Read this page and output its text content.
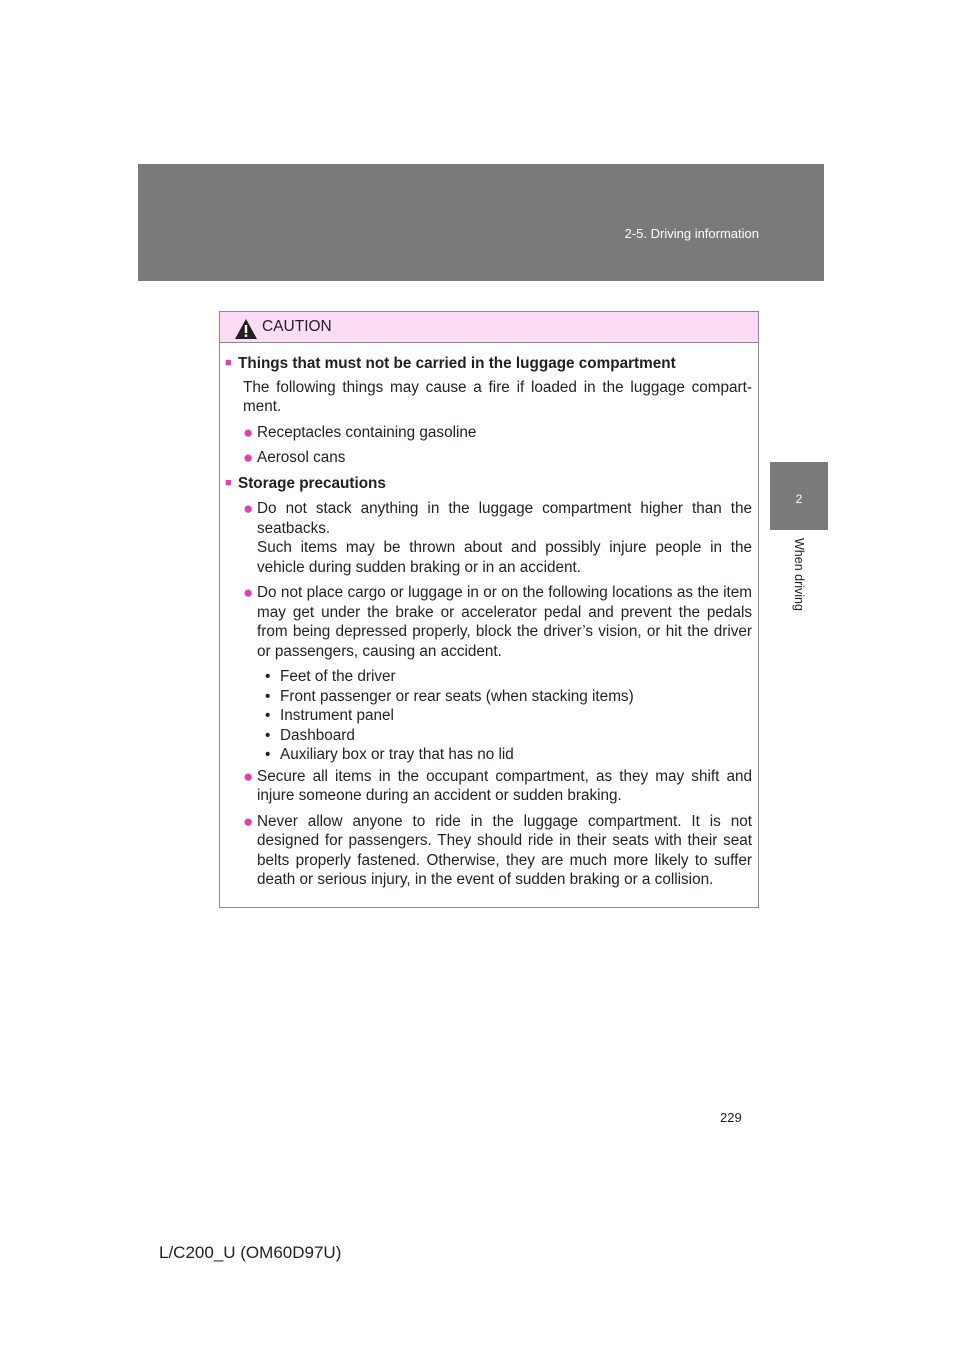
2-5. Driving information
2
When driving
CAUTION
■ Things that must not be carried in the luggage compartment
The following things may cause a fire if loaded in the luggage compart-ment.
● Receptacles containing gasoline
● Aerosol cans
■ Storage precautions
● Do not stack anything in the luggage compartment higher than the seatbacks.
Such items may be thrown about and possibly injure people in the vehicle during sudden braking or in an accident.
● Do not place cargo or luggage in or on the following locations as the item may get under the brake or accelerator pedal and prevent the pedals from being depressed properly, block the driver’s vision, or hit the driver or passengers, causing an accident.
• Feet of the driver
• Front passenger or rear seats (when stacking items)
• Instrument panel
• Dashboard
• Auxiliary box or tray that has no lid
● Secure all items in the occupant compartment, as they may shift and injure someone during an accident or sudden braking.
● Never allow anyone to ride in the luggage compartment. It is not designed for passengers. They should ride in their seats with their seat belts properly fastened. Otherwise, they are much more likely to suffer death or serious injury, in the event of sudden braking or a collision.
229
L/C200_U (OM60D97U)
